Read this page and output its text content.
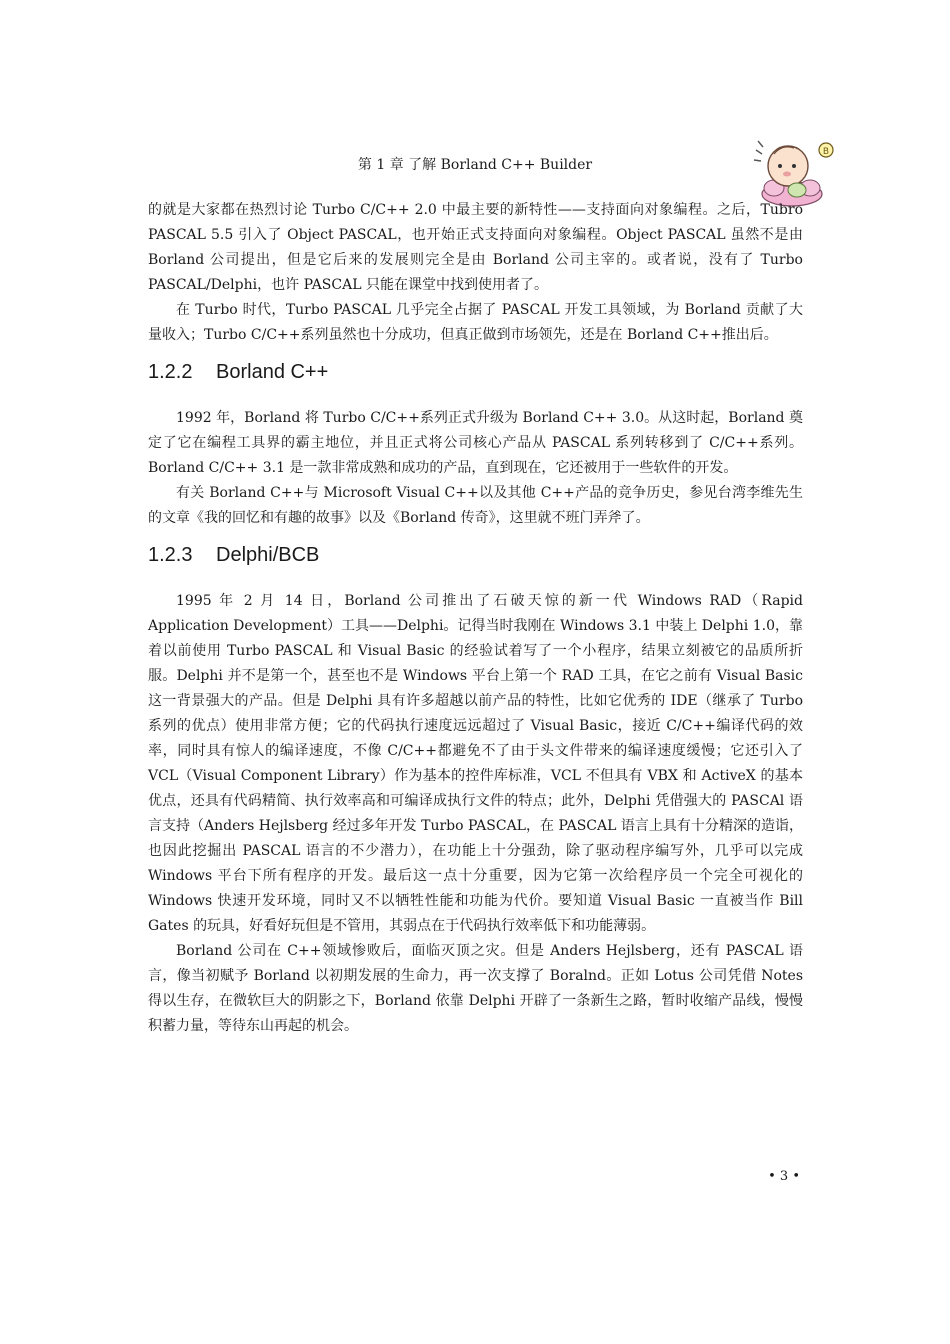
第 1 章 了解 Borland C++ Builder
B

的就是大家都在热烈讨论 Turbo C/C++ 2.0 中最主要的新特性——支持面向对象编程。之后，Tubro PASCAL 5.5 引入了 Object PASCAL，也开始正式支持面向对象编程。Object PASCAL 虽然不是由 Borland 公司提出，但是它后来的发展则完全是由 Borland 公司主宰的。或者说，没有了 Turbo PASCAL/Delphi，也许 PASCAL 只能在课堂中找到使用者了。

在 Turbo 时代，Turbo PASCAL 几乎完全占据了 PASCAL 开发工具领域，为 Borland 贡献了大量收入；Turbo C/C++系列虽然也十分成功，但真正做到市场领先，还是在 Borland C++推出后。

1.2.2 Borland C++

1992 年，Borland 将 Turbo C/C++系列正式升级为 Borland C++ 3.0。从这时起，Borland 奠定了它在编程工具界的霸主地位，并且正式将公司核心产品从 PASCAL 系列转移到了 C/C++系列。Borland C/C++ 3.1 是一款非常成熟和成功的产品，直到现在，它还被用于一些软件的开发。

有关 Borland C++与 Microsoft Visual C++以及其他 C++产品的竞争历史，参见台湾李维先生的文章《我的回忆和有趣的故事》以及《Borland 传奇》，这里就不班门弄斧了。

1.2.3 Delphi/BCB

1995 年 2 月 14 日，Borland 公司推出了石破天惊的新一代 Windows RAD（Rapid Application Development）工具——Delphi。记得当时我刚在 Windows 3.1 中装上 Delphi 1.0，靠着以前使用 Turbo PASCAL 和 Visual Basic 的经验试着写了一个小程序，结果立刻被它的品质所折服。Delphi 并不是第一个，甚至也不是 Windows 平台上第一个 RAD 工具，在它之前有 Visual Basic 这一背景强大的产品。但是 Delphi 具有许多超越以前产品的特性，比如它优秀的 IDE（继承了 Turbo 系列的优点）使用非常方便；它的代码执行速度远远超过了 Visual Basic，接近 C/C++编译代码的效率，同时具有惊人的编译速度，不像 C/C++都避免不了由于头文件带来的编译速度缓慢；它还引入了 VCL（Visual Component Library）作为基本的控件库标准，VCL 不但具有 VBX 和 ActiveX 的基本优点，还具有代码精简、执行效率高和可编译成执行文件的特点；此外，Delphi 凭借强大的 PASCAl 语言支持（Anders Hejlsberg 经过多年开发 Turbo PASCAL，在 PASCAL 语言上具有十分精深的造诣，也因此挖掘出 PASCAL 语言的不少潜力），在功能上十分强劲，除了驱动程序编写外，几乎可以完成 Windows 平台下所有程序的开发。最后这一点十分重要，因为它第一次给程序员一个完全可视化的 Windows 快速开发环境，同时又不以牺牲性能和功能为代价。要知道 Visual Basic 一直被当作 Bill Gates 的玩具，好看好玩但是不管用，其弱点在于代码执行效率低下和功能薄弱。

Borland 公司在 C++领域惨败后，面临灭顶之灾。但是 Anders Hejlsberg，还有 PASCAL 语言，像当初赋予 Borland 以初期发展的生命力，再一次支撑了 Boralnd。正如 Lotus 公司凭借 Notes 得以生存，在微软巨大的阴影之下，Borland 依靠 Delphi 开辟了一条新生之路，暂时收缩产品线，慢慢积蓄力量，等待东山再起的机会。

• 3 •
